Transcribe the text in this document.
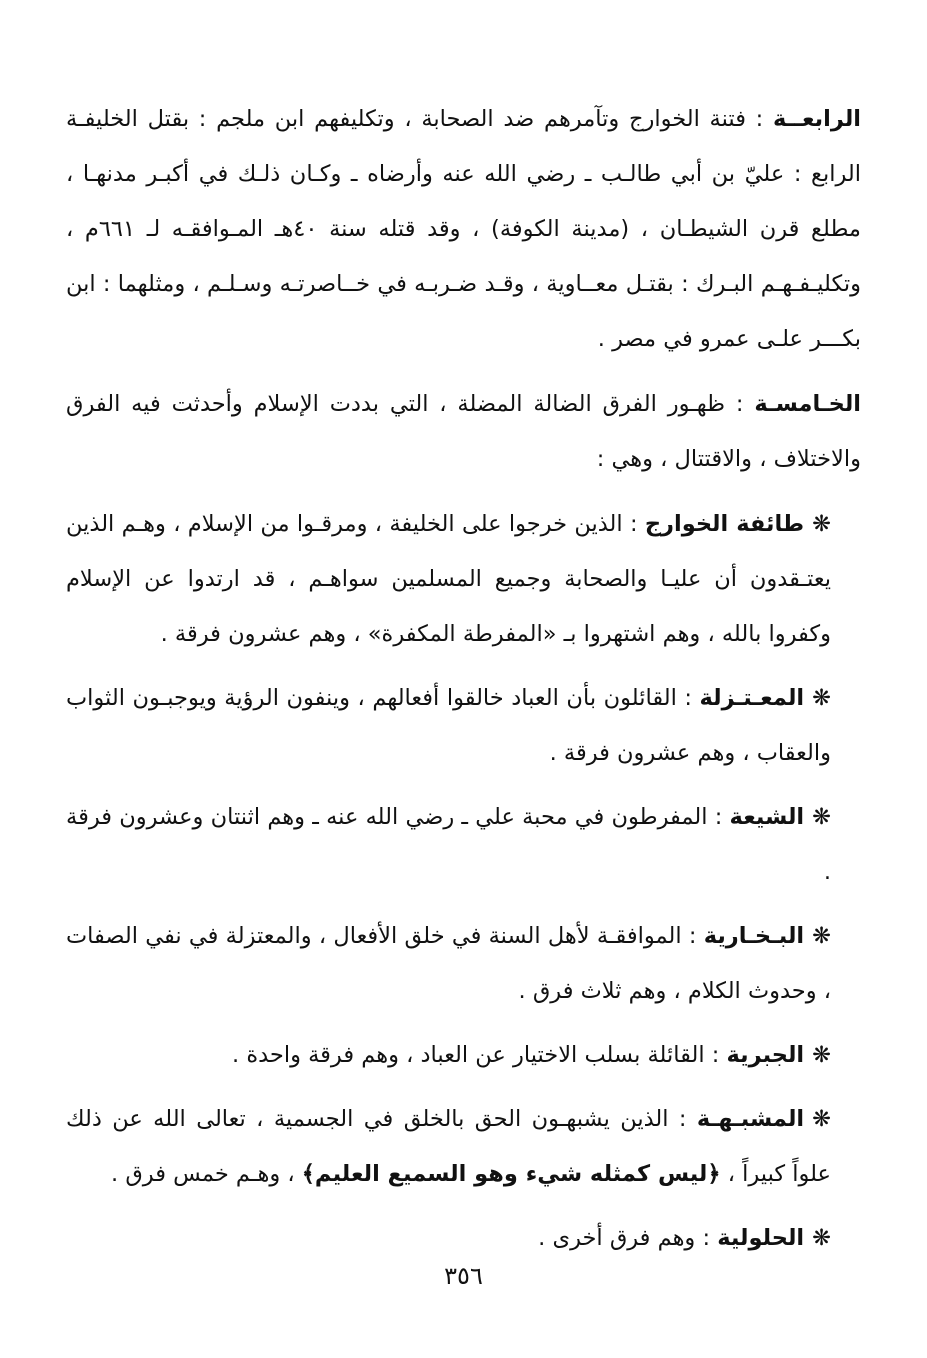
الرابعــة : فتنة الخوارج وتآمرهم ضد الصحابة ، وتكليفهم ابن ملجم : بقتل الخليفـة الرابع : عليّ بن أبي طالـب ـ رضي الله عنه وأرضاه ـ وكـان ذلـك في أكبـر مدنهـا ، مطلع قرن الشيطـان ، (مدينة الكوفة) ، وقد قتله سنة ٤٠هـ المـوافقـه لـ ٦٦١م ، وتكليـفـهـم البـرك : بقتـل معــاوية ، وقـد ضـربـه في خــاصرتـه وسـلـم ، ومثلهما : ابن بكـــر علـى عمرو في مصر .

الخـامسـة : ظهـور الفرق الضالة المضلة ، التي بددت الإسلام وأحدثت فيه الفرق والاختلاف ، والاقتتال ، وهي :

❋طائفة الخوارج : الذين خرجوا على الخليفة ، ومرقـوا من الإسلام ، وهـم الذين يعتـقدون أن عليـا والصحابة وجميع المسلمين سواهـم ، قد ارتدوا عن الإسلام وكفروا بالله ، وهم اشتهروا بـ «المفرطة المكفرة» ، وهم عشرون فرقة .

❋المعـتـزلة : القائلون بأن العباد خالقوا أفعالهم ، وينفون الرؤية ويوجبـون الثواب والعقاب ، وهم عشرون فرقة .

❋الشيعة : المفرطون في محبة علي ـ رضي الله عنه ـ وهم اثنتان وعشرون فرقة .

❋البـخـارية : الموافقـة لأهل السنة في خلق الأفعال ، والمعتزلة في نفي الصفات ، وحدوث الكلام ، وهم ثلاث فرق .

❋الجبرية : القائلة بسلب الاختيار عن العباد ، وهم فرقة واحدة .

❋المشبـهـة : الذين يشبهـون الحق بالخلق في الجسمية ، تعالى الله عن ذلك علواً كبيراً ، ﴿ليس كمثله شيء وهو السميع العليم﴾ ، وهـم خمس فرق .

❋الحلولية : وهم فرق أخرى .

٣٥٦
